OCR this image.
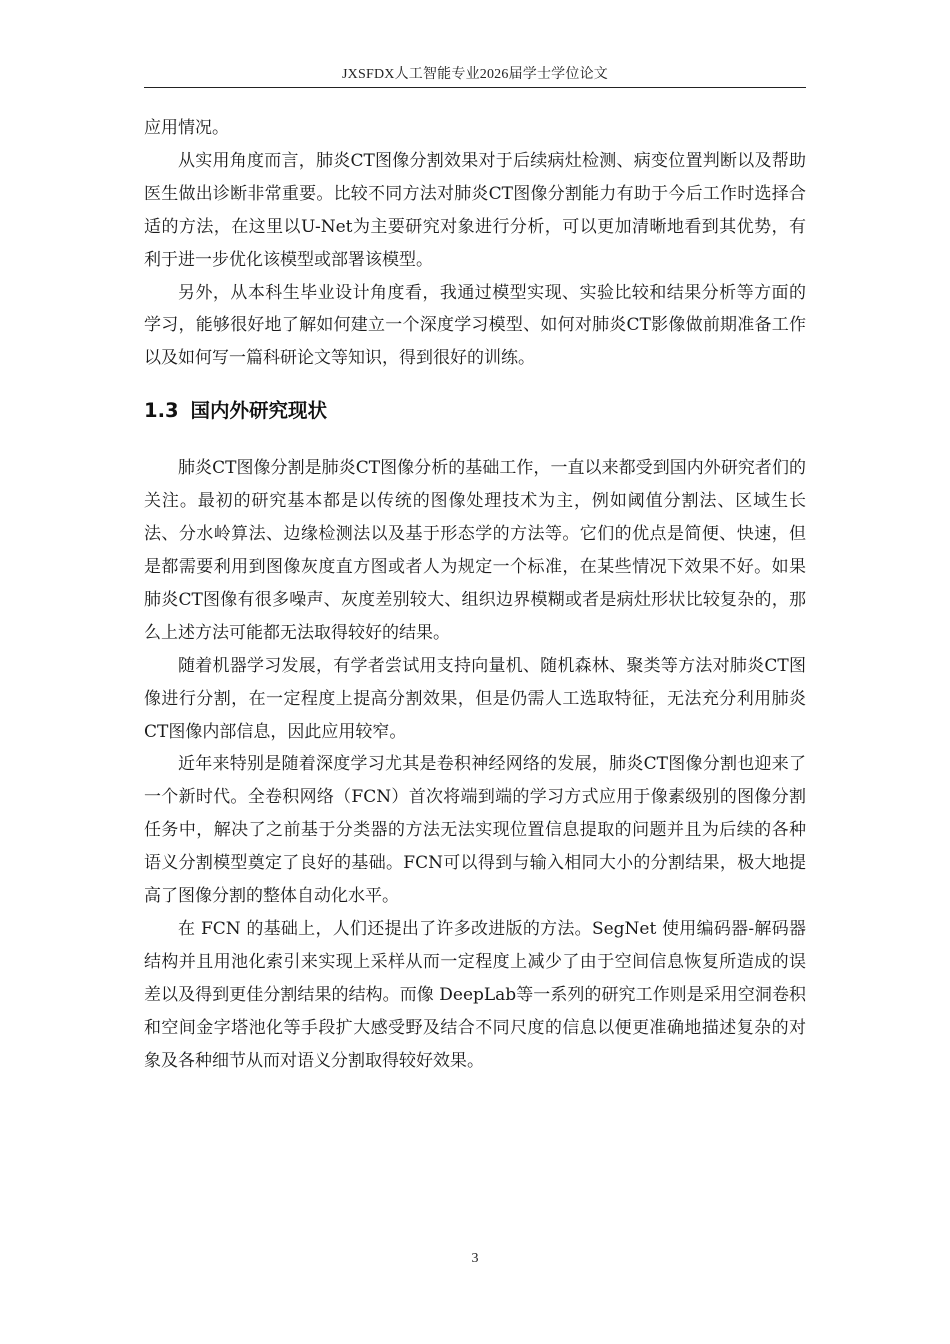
JXSFDX人工智能专业2026届学士学位论文

应用情况。

从实用角度而言，肺炎CT图像分割效果对于后续病灶检测、病变位置判断以及帮助医生做出诊断非常重要。比较不同方法对肺炎CT图像分割能力有助于今后工作时选择合适的方法，在这里以U-Net为主要研究对象进行分析，可以更加清晰地看到其优势，有利于进一步优化该模型或部署该模型。

另外，从本科生毕业设计角度看，我通过模型实现、实验比较和结果分析等方面的学习，能够很好地了解如何建立一个深度学习模型、如何对肺炎CT影像做前期准备工作以及如何写一篇科研论文等知识，得到很好的训练。

1.3 国内外研究现状

肺炎CT图像分割是肺炎CT图像分析的基础工作，一直以来都受到国内外研究者们的关注。最初的研究基本都是以传统的图像处理技术为主，例如阈值分割法、区域生长法、分水岭算法、边缘检测法以及基于形态学的方法等。它们的优点是简便、快速，但是都需要利用到图像灰度直方图或者人为规定一个标准，在某些情况下效果不好。如果肺炎CT图像有很多噪声、灰度差别较大、组织边界模糊或者是病灶形状比较复杂的，那么上述方法可能都无法取得较好的结果。

随着机器学习发展，有学者尝试用支持向量机、随机森林、聚类等方法对肺炎CT图像进行分割，在一定程度上提高分割效果，但是仍需人工选取特征，无法充分利用肺炎CT图像内部信息，因此应用较窄。

近年来特别是随着深度学习尤其是卷积神经网络的发展，肺炎CT图像分割也迎来了一个新时代。全卷积网络（FCN）首次将端到端的学习方式应用于像素级别的图像分割任务中，解决了之前基于分类器的方法无法实现位置信息提取的问题并且为后续的各种语义分割模型奠定了良好的基础。FCN可以得到与输入相同大小的分割结果，极大地提高了图像分割的整体自动化水平。

在 FCN 的基础上，人们还提出了许多改进版的方法。SegNet 使用编码器-解码器结构并且用池化索引来实现上采样从而一定程度上减少了由于空间信息恢复所造成的误差以及得到更佳分割结果的结构。而像 DeepLab等一系列的研究工作则是采用空洞卷积和空间金字塔池化等手段扩大感受野及结合不同尺度的信息以便更准确地描述复杂的对象及各种细节从而对语义分割取得较好效果。

3
